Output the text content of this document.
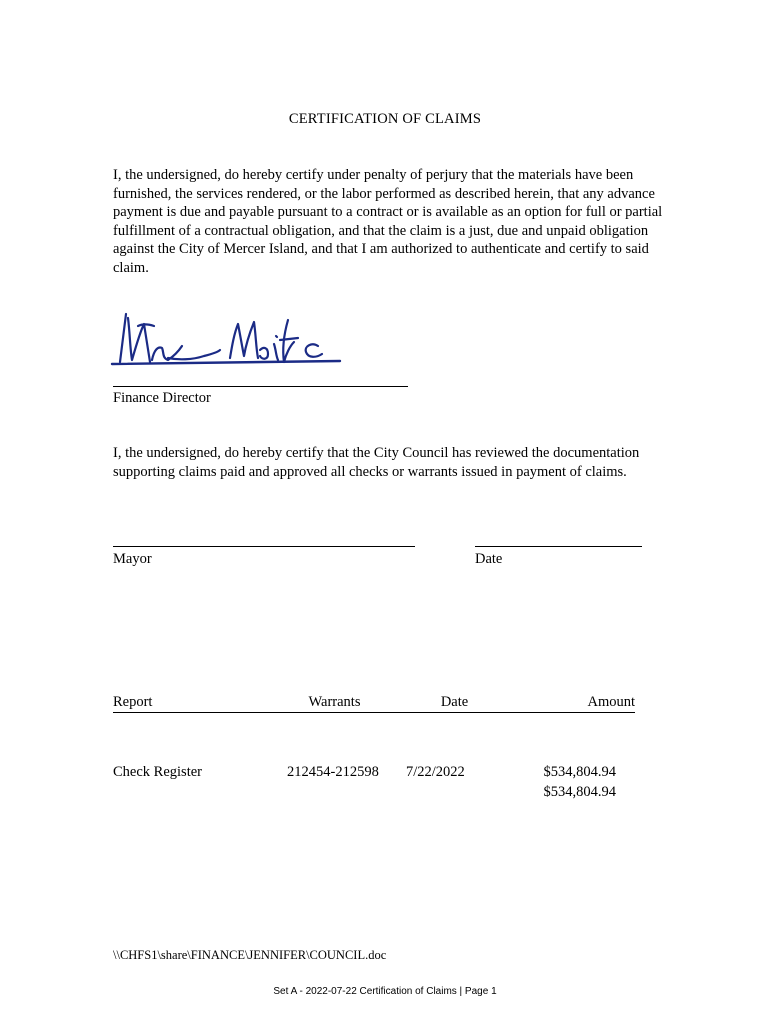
CERTIFICATION OF CLAIMS
I, the undersigned, do hereby certify under penalty of perjury that the materials have been furnished, the services rendered, or the labor performed as described herein, that any advance payment is due and payable pursuant to a contract or is available as an option for full or partial fulfillment of a contractual obligation, and that the claim is a just, due and unpaid obligation against the City of Mercer Island, and that I am authorized to authenticate and certify to said claim.
Finance Director
I, the undersigned, do hereby certify that the City Council has reviewed the documentation supporting claims paid and approved all checks or warrants issued in payment of claims.
Mayor	Date
Report	Warrants	Date	Amount
Check Register	212454-212598 7/22/2022	$534,804.94
$534,804.94
\\CHFS1\share\FINANCE\JENNIFER\COUNCIL.doc
Set A - 2022-07-22 Certification of Claims | Page 1
